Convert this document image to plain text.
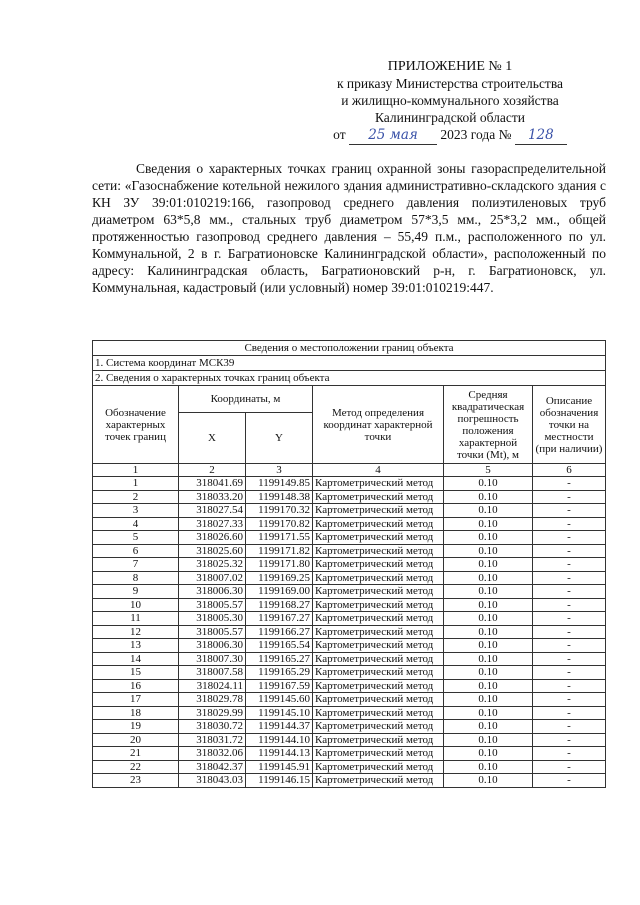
ПРИЛОЖЕНИЕ № 1
к приказу Министерства строительства
и жилищно-коммунального хозяйства
Калининградской области
от 25 мая 2023 года № 128
Сведения о характерных точках границ охранной зоны газораспределительной сети: «Газоснабжение котельной нежилого здания административно-складского здания с КН ЗУ 39:01:010219:166, газопровод среднего давления полиэтиленовых труб диаметром 63*5,8 мм., стальных труб диаметром 57*3,5 мм., 25*3,2 мм., общей протяженностью газопровод среднего давления – 55,49 п.м., расположенного по ул. Коммунальной, 2 в г. Багратионовске Калининградской области», расположенный по адресу: Калининградская область, Багратионовский р-н, г. Багратионовск, ул. Коммунальная, кадастровый (или условный) номер 39:01:010219:447.
Сведения о местоположении границ объекта					
1. Система координат МСК39					
2. Сведения о характерных точках границ объекта					
Обозначение характерных точек границ	Координаты, м		Метод определения координат характерной точки	Средняя квадратическая погрешность положения характерной точки (Mt), м	Описание обозначения точки на местности (при наличии)
	X	Y			
1	2	3	4	5	6
1	318041.69	1199149.85	Картометрический метод	0.10	-
2	318033.20	1199148.38	Картометрический метод	0.10	-
3	318027.54	1199170.32	Картометрический метод	0.10	-
4	318027.33	1199170.82	Картометрический метод	0.10	-
5	318026.60	1199171.55	Картометрический метод	0.10	-
6	318025.60	1199171.82	Картометрический метод	0.10	-
7	318025.32	1199171.80	Картометрический метод	0.10	-
8	318007.02	1199169.25	Картометрический метод	0.10	-
9	318006.30	1199169.00	Картометрический метод	0.10	-
10	318005.57	1199168.27	Картометрический метод	0.10	-
11	318005.30	1199167.27	Картометрический метод	0.10	-
12	318005.57	1199166.27	Картометрический метод	0.10	-
13	318006.30	1199165.54	Картометрический метод	0.10	-
14	318007.30	1199165.27	Картометрический метод	0.10	-
15	318007.58	1199165.29	Картометрический метод	0.10	-
16	318024.11	1199167.59	Картометрический метод	0.10	-
17	318029.78	1199145.60	Картометрический метод	0.10	-
18	318029.99	1199145.10	Картометрический метод	0.10	-
19	318030.72	1199144.37	Картометрический метод	0.10	-
20	318031.72	1199144.10	Картометрический метод	0.10	-
21	318032.06	1199144.13	Картометрический метод	0.10	-
22	318042.37	1199145.91	Картометрический метод	0.10	-
23	318043.03	1199146.15	Картометрический метод	0.10	-
